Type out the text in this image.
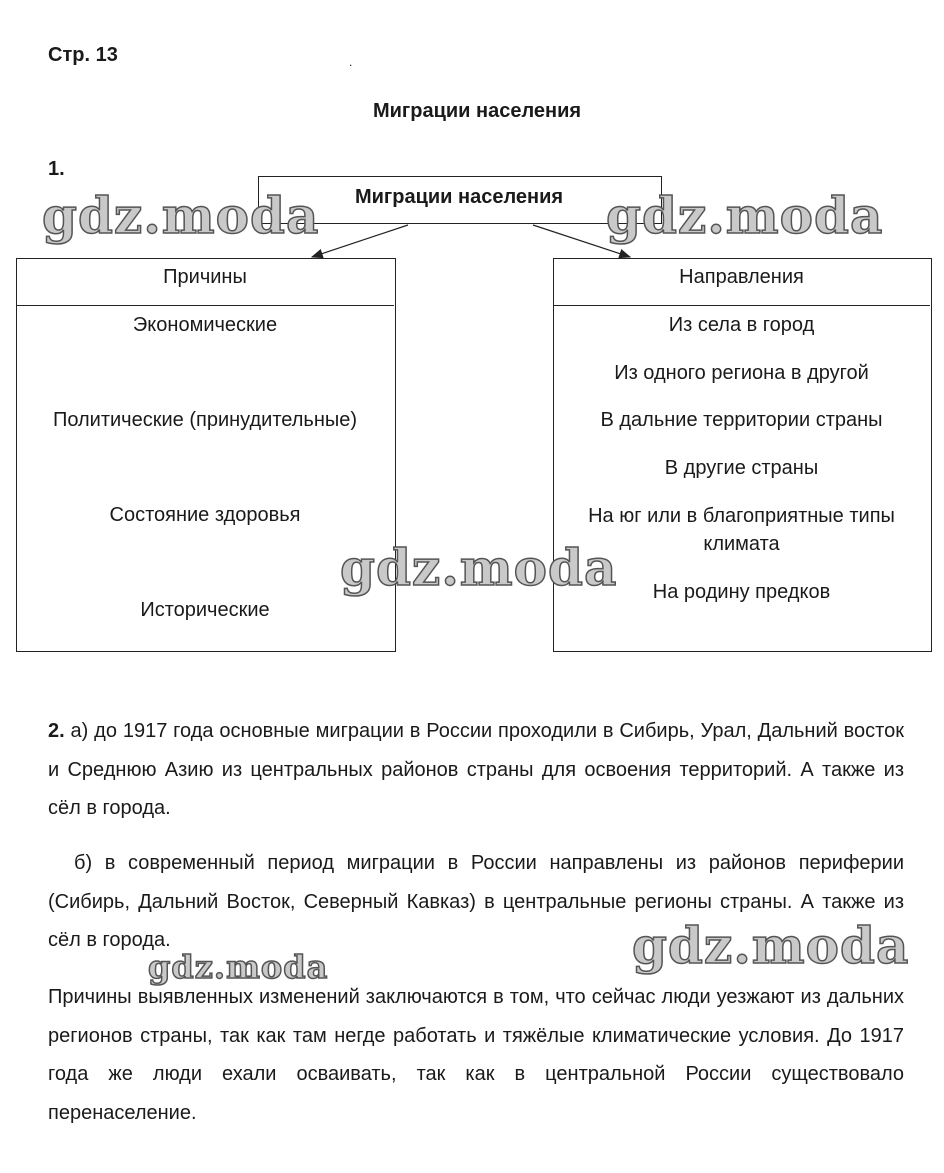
Стр. 13	.
Миграции населения
1.
Миграции населения
Причины
Экономические
Политические (принудительные)
Состояние здоровья
Исторические
Направления
Из села в город
Из одного региона в другой
В дальние территории страны
В другие страны
На юг или в благоприятные типы климата
На родину предков
2. а) до 1917 года основные миграции в России проходили в Сибирь, Урал, Дальний восток и Среднюю Азию из центральных районов страны для освоения территорий. А также из сёл в города.
б) в современный период миграции в России направлены из районов периферии (Сибирь, Дальний Восток, Северный Кавказ) в центральные регионы страны. А также из сёл в города.
Причины выявленных изменений заключаются в том, что сейчас люди уезжают из дальних регионов страны, так как там негде работать и тяжёлые климатические условия. До 1917 года же люди ехали осваивать, так как в центральной России существовало перенаселение.
gdz.moda	gdz.moda
gdz.moda
gdz.moda
gdz.moda
